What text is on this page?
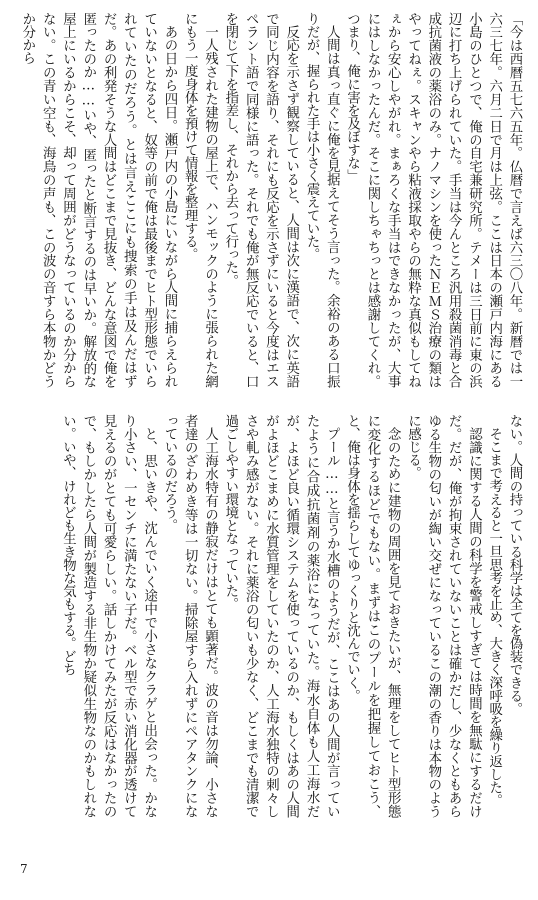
「今は西暦五七六五年。仏暦で言えば六三〇八年。新暦では一六三七年。六月二日で月は上弦。ここは日本の瀬戸内海にある小島のひとつで、俺の自宅兼研究所。テメーは三日前に東の浜辺に打ち上げられていた。手当は今んところ汎用殺菌消毒と合成抗菌液の薬浴のみ。ナノマシンを使ったＮＥＭＳ治療の類はやってねぇ。スキャンやら粘液採取やらの無粋な真似もしてねぇから安心しやがれ。まぁろくな手当はできなかったが、大事にはしなかったんだ。そこに関しちゃちっとは感謝してくれ。つまり、俺に害を及ぼすな」

人間は真っ直ぐに俺を見据えてそう言った。余裕のある口振りだが、握られた手は小さく震えていた。

反応を示さず観察していると、人間は次に漢語で、次に英語で同じ内容を語り、それにも反応を示さずにいると今度はエスペラント語で同様に語った。それでも俺が無反応でいると、口を閉じて下を指差し、それから去って行った。

一人残された建物の屋上で、ハンモックのように張られた網にもう一度身体を預けて情報を整理する。

あの日から四日。瀬戸内の小島にいながら人間に捕らえられていないとなると、奴等の前で俺は最後までヒト型形態でいられていたのだろう。とは言えここにも捜索の手は及んだはずだ。あの利発そうな人間はどこまで見抜き、どんな意図で俺を匿ったのか……いや、匿ったと断言するのは早いか。解放的な屋上にいるからこそ、却って周囲がどうなっているのか分からない。この青い空も、海鳥の声も、この波の音すら本物かどうか分から

ない。人間の持っている科学は全てを偽装できる。

そこまで考えると一旦思考を止め、大きく深呼吸を繰り返した。

認識に関する人間の科学を警戒しすぎては時間を無駄にするだけだ。だが、俺が拘束されていないことは確かだし、少なくともあらゆる生物の匂いが綯い交ぜになっているこの潮の香りは本物のように感じる。

念のために建物の周囲を見ておきたいが、無理をしてヒト型形態に変化するほどでもない。まずはこのプールを把握しておこう、と、俺は身体を揺らしてゆっくりと沈んでいく。

プール……と言うか水槽のようだが、ここはあの人間が言っていたように合成抗菌剤の薬浴になっていた。海水自体も人工海水だが、よほど良い循環システムを使っているのか、もしくはあの人間がよほどこまめに水質管理をしていたのか、人工海水独特の刺々しさや軋み感がない。それに薬浴の匂いも少なく、どこまでも清潔で過ごしやすい環境となっていた。

人工海水特有の静寂だけはとても顕著だ。波の音は勿論、小さな者達のざわめき等は一切ない。掃除屋すら入れずにペアタンクになっているのだろう。

と、思いきや、沈んでいく途中で小さなクラゲと出会った。かなり小さい、一センチに満たない子だ。ベル型で赤い消化器が透けて見えるのがとても可愛らしい。話しかけてみたが反応はなかったので、もしかしたら人間が製造する非生物か疑似生物なのかもしれない。いや、けれども生き物な気もする。どち

7
